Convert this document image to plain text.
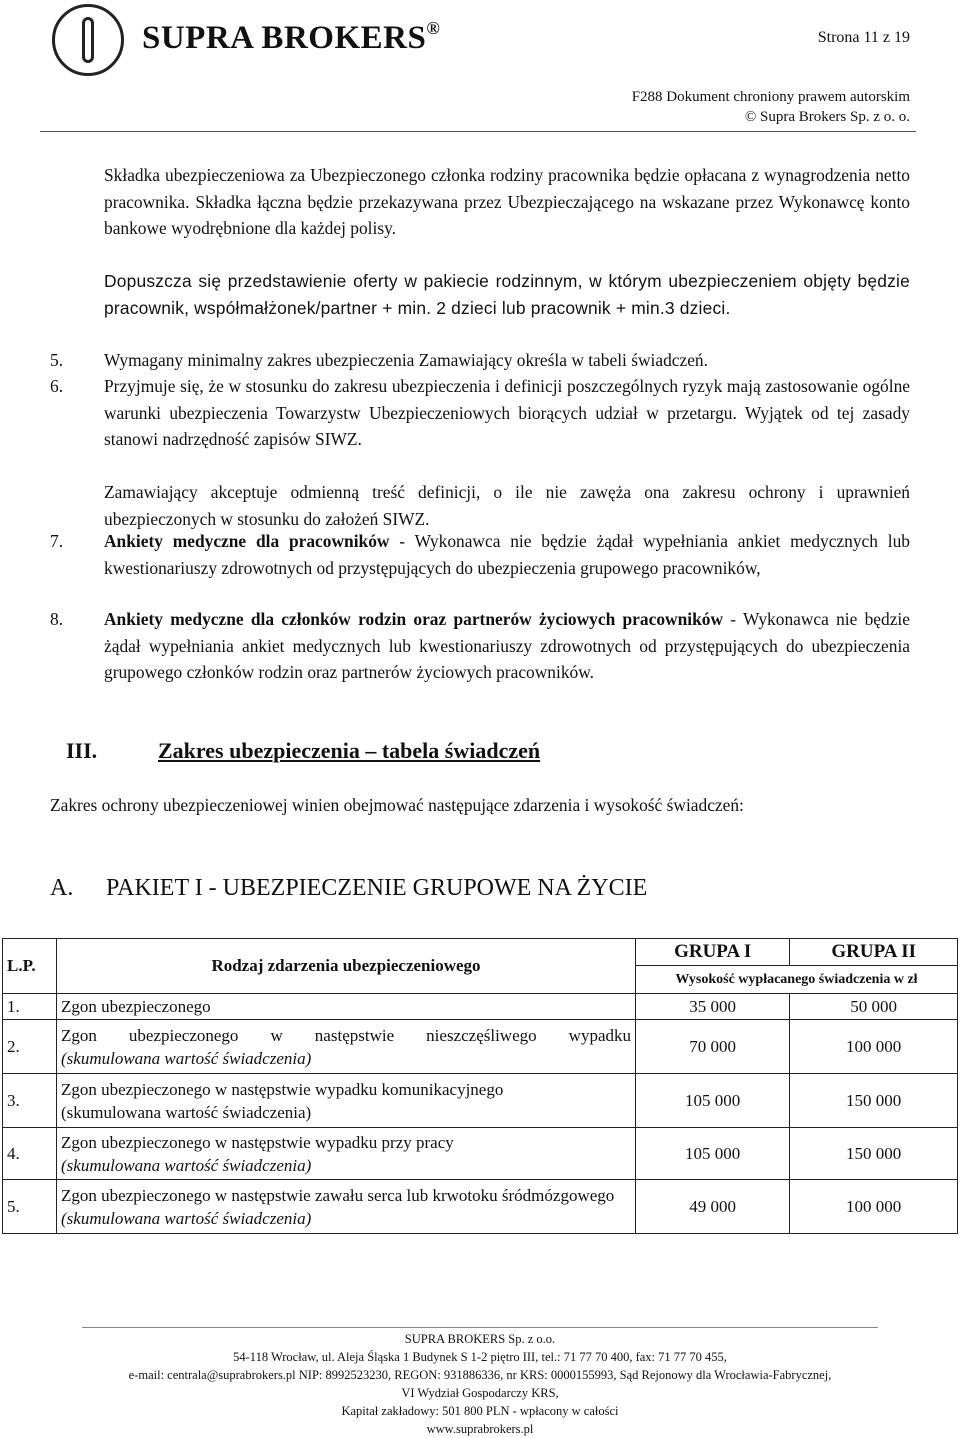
SUPRA BROKERS®	Strona 11 z 19
F288 Dokument chroniony prawem autorskim
© Supra Brokers Sp. z o. o.
Składka ubezpieczeniowa za Ubezpieczonego członka rodziny pracownika będzie opłacana z wynagrodzenia netto pracownika. Składka łączna będzie przekazywana przez Ubezpieczającego na wskazane przez Wykonawcę konto bankowe wyodrębnione dla każdej polisy.
Dopuszcza się przedstawienie oferty w pakiecie rodzinnym, w którym ubezpieczeniem objęty będzie pracownik, współmałżonek/partner + min. 2 dzieci lub pracownik + min.3 dzieci.
5. Wymagany minimalny zakres ubezpieczenia Zamawiający określa w tabeli świadczeń.
6. Przyjmuje się, że w stosunku do zakresu ubezpieczenia i definicji poszczególnych ryzyk mają zastosowanie ogólne warunki ubezpieczenia Towarzystw Ubezpieczeniowych biorących udział w przetargu. Wyjątek od tej zasady stanowi nadrzędność zapisów SIWZ.
Zamawiający akceptuje odmienną treść definicji, o ile nie zawęża ona zakresu ochrony i uprawnień ubezpieczonych w stosunku do założeń SIWZ.
7. Ankiety medyczne dla pracowników - Wykonawca nie będzie żądał wypełniania ankiet medycznych lub kwestionariuszy zdrowotnych od przystępujących do ubezpieczenia grupowego pracowników,
8. Ankiety medyczne dla członków rodzin oraz partnerów życiowych pracowników - Wykonawca nie będzie żądał wypełniania ankiet medycznych lub kwestionariuszy zdrowotnych od przystępujących do ubezpieczenia grupowego członków rodzin oraz partnerów życiowych pracowników.
III.	Zakres ubezpieczenia – tabela świadczeń
Zakres ochrony ubezpieczeniowej winien obejmować następujące zdarzenia i wysokość świadczeń:
A. PAKIET I - UBEZPIECZENIE GRUPOWE NA ŻYCIE
L.P.	Rodzaj zdarzenia ubezpieczeniowego	GRUPA I	GRUPA II
		Wysokość wypłacanego świadczenia w zł	
1.	Zgon ubezpieczonego	35 000	50 000
2.	Zgon ubezpieczonego w następstwie nieszczęśliwego wypadku
(skumulowana wartość świadczenia)	70 000	100 000
3.	Zgon ubezpieczonego w następstwie wypadku komunikacyjnego
(skumulowana wartość świadczenia)	105 000	150 000
4.	Zgon ubezpieczonego w następstwie wypadku przy pracy
(skumulowana wartość świadczenia)	105 000	150 000
5.	Zgon ubezpieczonego w następstwie zawału serca lub krwotoku śródmózgowego (skumulowana wartość świadczenia)	49 000	100 000
SUPRA BROKERS Sp. z o.o.
54-118 Wrocław, ul. Aleja Śląska 1 Budynek S 1-2 piętro III, tel.: 71 77 70 400, fax: 71 77 70 455,
e-mail: centrala@suprabrokers.pl NIP: 8992523230, REGON: 931886336, nr KRS: 0000155993, Sąd Rejonowy dla Wrocławia-Fabrycznej,
VI Wydział Gospodarczy KRS,
Kapitał zakładowy: 501 800 PLN - wpłacony w całości
www.suprabrokers.pl
